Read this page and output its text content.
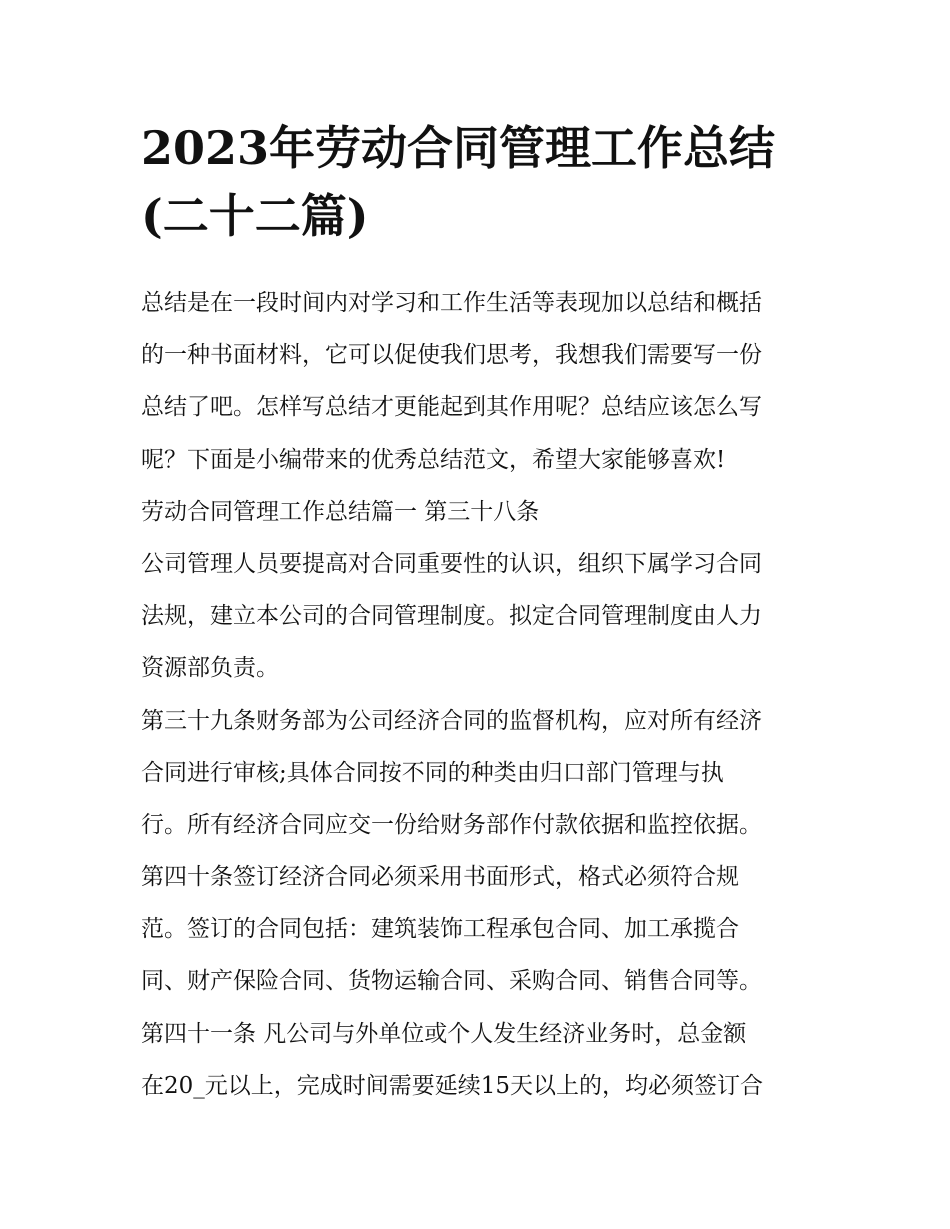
2023年劳动合同管理工作总结
(二十二篇)
总结是在一段时间内对学习和工作生活等表现加以总结和概括
的一种书面材料，它可以促使我们思考，我想我们需要写一份
总结了吧。怎样写总结才更能起到其作用呢？总结应该怎么写
呢？下面是小编带来的优秀总结范文，希望大家能够喜欢!
劳动合同管理工作总结篇一 第三十八条
公司管理人员要提高对合同重要性的认识，组织下属学习合同
法规，建立本公司的合同管理制度。拟定合同管理制度由人力
资源部负责。
第三十九条财务部为公司经济合同的监督机构，应对所有经济
合同进行审核;具体合同按不同的种类由归口部门管理与执
行。所有经济合同应交一份给财务部作付款依据和监控依据。
第四十条签订经济合同必须采用书面形式，格式必须符合规
范。签订的合同包括：建筑装饰工程承包合同、加工承揽合
同、财产保险合同、货物运输合同、采购合同、销售合同等。
第四十一条 凡公司与外单位或个人发生经济业务时，总金额
在20_元以上，完成时间需要延续15天以上的，均必须签订合
